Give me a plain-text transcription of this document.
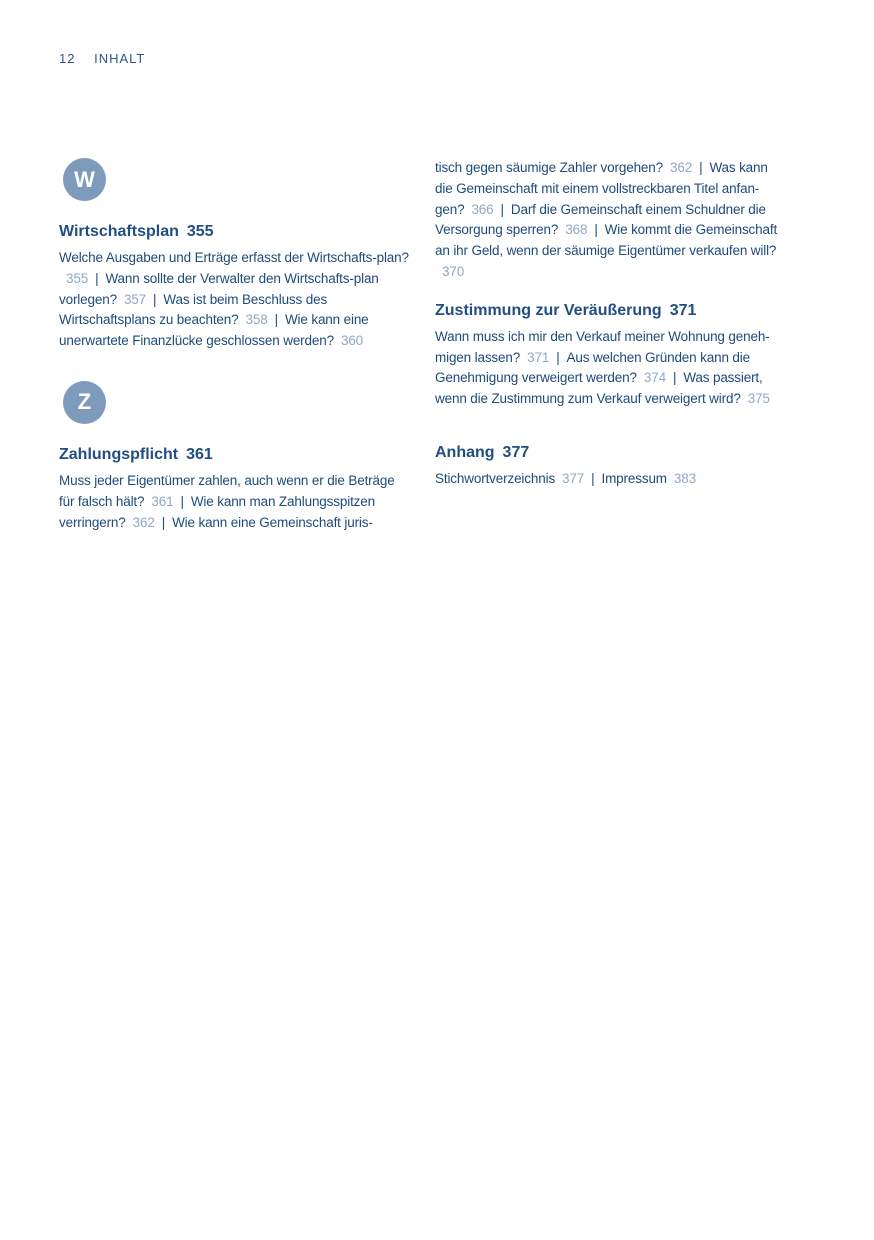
12 INHALT
W
Wirtschaftsplan 355

Welche Ausgaben und Erträge erfasst der Wirtschafts-plan?355 | Wann sollte der Verwalter den Wirtschafts-plan vorlegen? 357 | Was ist beim Beschluss des Wirtschaftsplans zu beachten? 358 | Wie kann eine unerwartete Finanzlücke geschlossen werden? 360

Z
Zahlungspflicht 361

Muss jeder Eigentümer zahlen, auch wenn er die Beträge für falsch hält? 361 | Wie kann man Zahlungsspitzen verringern? 362 | Wie kann eine Gemeinschaft juris-

tisch gegen säumige Zahler vorgehen? 362 | Was kann die Gemeinschaft mit einem vollstreckbaren Titel anfan-gen? 366 | Darf die Gemeinschaft einem Schuldner die Versorgung sperren? 368 | Wie kommt die Gemeinschaft an ihr Geld, wenn der säumige Eigentümer verkaufen will?370

Zustimmung zur Veräußerung 371

Wann muss ich mir den Verkauf meiner Wohnung geneh-migen lassen? 371 | Aus welchen Gründen kann die Genehmigung verweigert werden? 374 | Was passiert, wenn die Zustimmung zum Verkauf verweigert wird? 375

Anhang 377

Stichwortverzeichnis 377 | Impressum 383
